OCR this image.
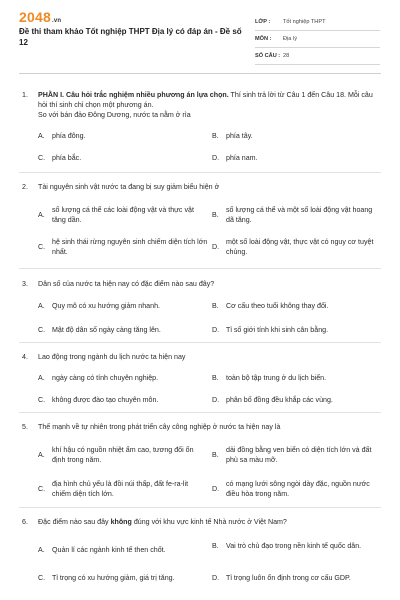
2048.vn
Đề thi tham khảo Tốt nghiệp THPT Địa lý có đáp án - Đề số 12
LỚP :	Tốt nghiệp THPT
MÔN :	Địa lý
SỐ CÂU : 28
1.	PHẦN I. Câu hỏi trắc nghiệm nhiều phương án lựa chọn. Thí sinh trả lời từ Câu 1 đến Câu 18. Mỗi câu hỏi thí sinh chỉ chọn một phương án.
So với bán đảo Đông Dương, nước ta nằm ở rìa
A.	phía đông.	B.	phía tây.
C. phía bắc.	D. phía nam.
2.	Tài nguyên sinh vật nước ta đang bị suy giảm biểu hiện ở
A.
số lượng cá thể các loài động vật và thực vật tăng dần.
B.
số lượng cá thể và một số loài động vật hoang dã tăng.
C.
hệ sinh thái rừng nguyên sinh chiếm diện tích lớn nhất.
D.
một số loài động vật, thực vật có nguy cơ tuyệt chủng.
3.	Dân số của nước ta hiện nay có đặc điểm nào sau đây?
A.	Quy mô có xu hướng giảm nhanh.	B.	Cơ cấu theo tuổi không thay đổi.
C. Mật độ dân số ngày càng tăng lên.	D. Tỉ số giới tính khi sinh cân bằng.
4.	Lao động trong ngành du lịch nước ta hiện nay
A.	ngày càng có tính chuyên nghiệp.	B.	toàn bộ tập trung ở du lịch biển.
C. không được đào tạo chuyên môn.	D. phân bố đồng đều khắp các vùng.
5.	Thế mạnh về tự nhiên trong phát triển cây công nghiệp ở nước ta hiện nay là
A.
khí hậu có nguồn nhiệt ẩm cao, tương đối ổn định trong năm.
B.
dải đồng bằng ven biển có diện tích lớn và đất phù sa màu mỡ.
C.
địa hình chủ yếu là đồi núi thấp, đất fe-ra-lit chiếm diện tích lớn.
D.
có mạng lưới sông ngòi dày đặc, nguồn nước điều hòa trong năm.
6.	Đặc điểm nào sau đây không đúng với khu vực kinh tế Nhà nước ở Việt Nam?
A.	Quản lí các ngành kinh tế then chốt.	B.	Vai trò chủ đạo trong nền kinh tế quốc dân.
C. Tỉ trọng có xu hướng giảm, giá trị tăng.	D. Tỉ trọng luôn ổn định trong cơ cấu GDP.
